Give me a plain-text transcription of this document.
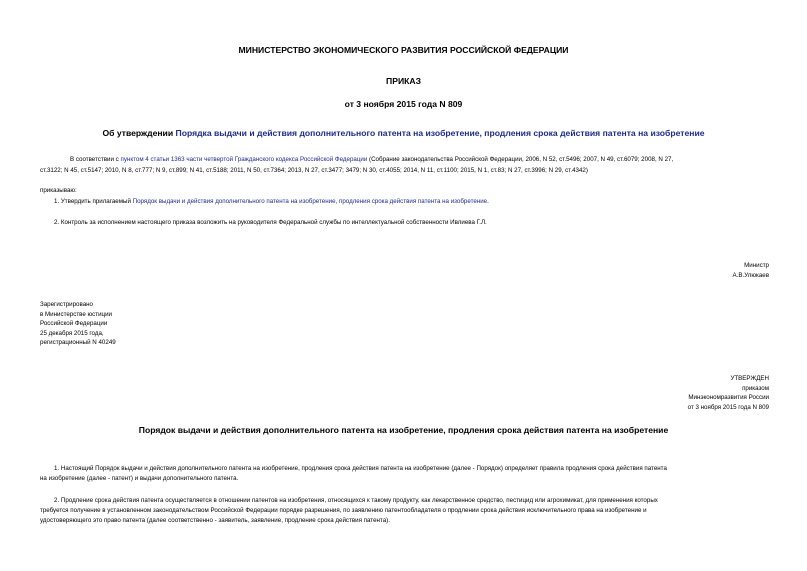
МИНИСТЕРСТВО ЭКОНОМИЧЕСКОГО РАЗВИТИЯ РОССИЙСКОЙ ФЕДЕРАЦИИ
ПРИКАЗ
от 3 ноября 2015 года N 809
Об утверждении Порядка выдачи и действия дополнительного патента на изобретение, продления срока действия патента на изобретение
В соответствии с пунктом 4 статьи 1363 части четвертой Гражданского кодекса Российской Федерации (Собрание законодательства Российской Федерации, 2006, N 52, ст.5496; 2007, N 49, ст.6079; 2008, N 27,
ст.3122; N 45, ст.5147; 2010, N 8, ст.777; N 9, ст.899; N 41, ст.5188; 2011, N 50, ст.7364; 2013, N 27, ст.3477; 3479; N 30, ст.4055; 2014, N 11, ст.1100; 2015, N 1, ст.83; N 27, ст.3996; N 29, ст.4342)
приказываю:
1. Утвердить прилагаемый Порядок выдачи и действия дополнительного патента на изобретение, продления срока действия патента на изобретение.
2. Контроль за исполнением настоящего приказа возложить на руководителя Федеральной службы по интеллектуальной собственности Ивлиева Г.Л.
Министр
А.В.Улюкаев
Зарегистрировано
в Министерстве юстиции
Российской Федерации
25 декабря 2015 года,
регистрационный N 40249
УТВЕРЖДЕН
приказом
Минэкономразвития России
от 3 ноября 2015 года N 809
Порядок выдачи и действия дополнительного патента на изобретение, продления срока действия патента на изобретение
1. Настоящий Порядок выдачи и действия дополнительного патента на изобретение, продления срока действия патента на изобретение (далее - Порядок) определяет правила продления срока действия патента
на изобретение (далее - патент) и выдачи дополнительного патента.
2. Продление срока действия патента осуществляется в отношении патентов на изобретения, относящихся к такому продукту, как лекарственное средство, пестицид или агрохимикат, для применения которых
требуется получение в установленном законодательством Российской Федерации порядке разрешения, по заявлению патентообладателя о продлении срока действия исключительного права на изобретение и
удостоверяющего это право патента (далее соответственно - заявитель, заявление, продление срока действия патента).
